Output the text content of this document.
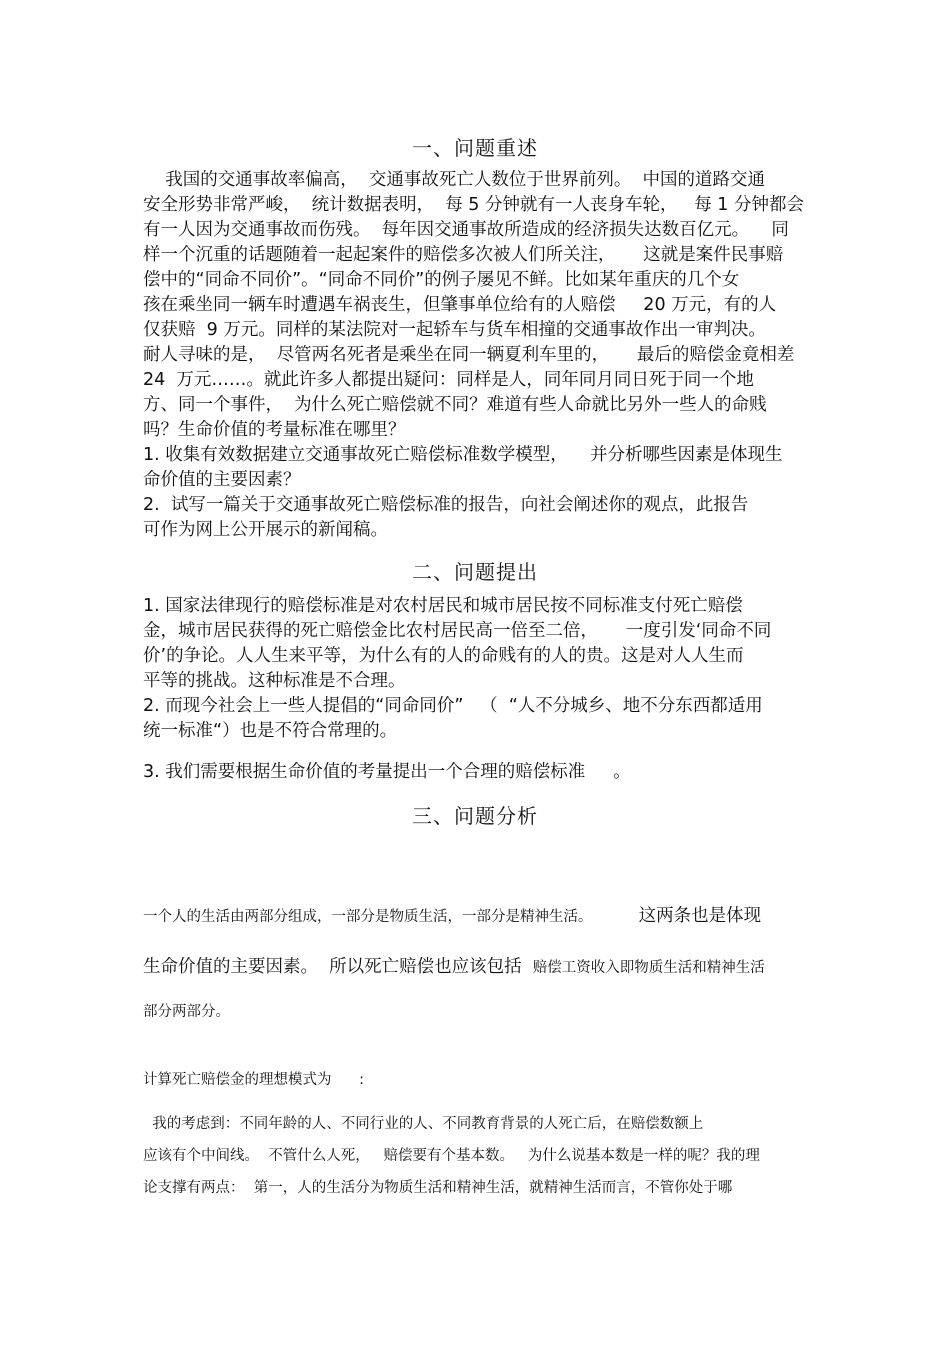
一、问题重述
我国的交通事故率偏高，  交通事故死亡人数位于世界前列。  中国的道路交通
安全形势非常严峻，  统计数据表明，  每 5 分钟就有一人丧身车轮，   每 1 分钟都会
有一人因为交通事故而伤残。  每年因交通事故所造成的经济损失达数百亿元。    同
样一个沉重的话题随着一起起案件的赔偿多次被人们所关注，     这就是案件民事赔
偿中的“同命不同价”。“同命不同价”的例子屡见不鲜。比如某年重庆的几个女
孩在乘坐同一辆车时遭遇车祸丧生，但肇事单位给有的人赔偿     20 万元，有的人
仅获赔  9 万元。同样的某法院对一起轿车与货车相撞的交通事故作出一审判决。
耐人寻味的是，  尽管两名死者是乘坐在同一辆夏利车里的，     最后的赔偿金竟相差
24  万元……。就此许多人都提出疑问：同样是人，同年同月同日死于同一个地
方、同一个事件，  为什么死亡赔偿就不同？难道有些人命就比另外一些人的命贱
吗？生命价值的考量标准在哪里？
1. 收集有效数据建立交通事故死亡赔偿标准数学模型，    并分析哪些因素是体现生
命价值的主要因素？
2.  试写一篇关于交通事故死亡赔偿标准的报告，向社会阐述你的观点，此报告
可作为网上公开展示的新闻稿。
二、问题提出
1. 国家法律现行的赔偿标准是对农村居民和城市居民按不同标准支付死亡赔偿
金，城市居民获得的死亡赔偿金比农村居民高一倍至二倍，     一度引发‘同命不同
价’的争论。人人生来平等，为什么有的人的命贱有的人的贵。这是对人人生而
平等的挑战。这种标准是不合理。
2. 而现今社会上一些人提倡的“同命同价”   （  “人不分城乡、地不分东西都适用
统一标准“）也是不符合常理的。
3. 我们需要根据生命价值的考量提出一个合理的赔偿标准     。
三、问题分析
一个人的生活由两部分组成，一部分是物质生活，一部分是精神生活。          这两条也是体现
生命价值的主要因素。  所以死亡赔偿也应该包括  赔偿工资收入即物质生活和精神生活
部分两部分。
计算死亡赔偿金的理想模式为      :
我的考虑到：不同年龄的人、不同行业的人、不同教育背景的人死亡后，在赔偿数额上
应该有个中间线。  不管什么人死，   赔偿要有个基本数。   为什么说基本数是一样的呢？我的理
论支撑有两点：  第一，人的生活分为物质生活和精神生活，就精神生活而言，不管你处于哪
